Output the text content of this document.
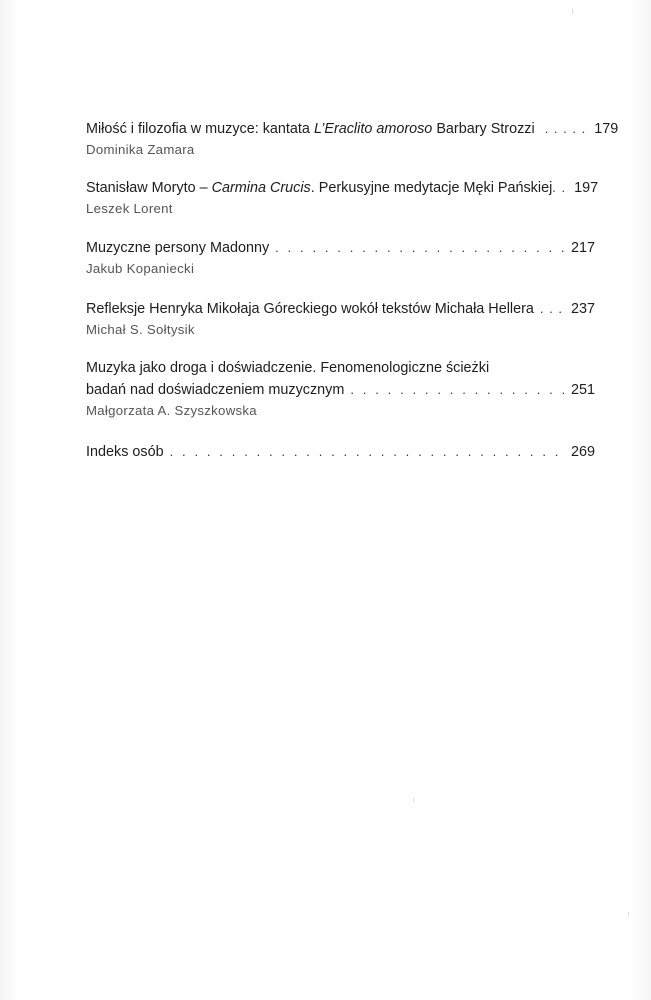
Miłość i filozofia w muzyce: kantata L’Eraclito amoroso Barbary Strozzi . . . . . 179
Dominika Zamara
Stanisław Moryto – Carmina Crucis. Perkusyjne medytacje Męki Pańskiej . . 197
Leszek Lorent
Muzyczne persony Madonny . . .	217
Jakub Kopaniecki
Refleksje Henryka Mikołaja Góreckiego wokół tekstów Michała Hellera . . . 237
Michał S. Sołtysik
Muzyka jako droga i doświadczenie. Fenomenologiczne ścieżki
badań nad doświadczeniem muzycznym . . .	251
Małgorzata A. Szyszkowska
Indeks osób . . .	269
